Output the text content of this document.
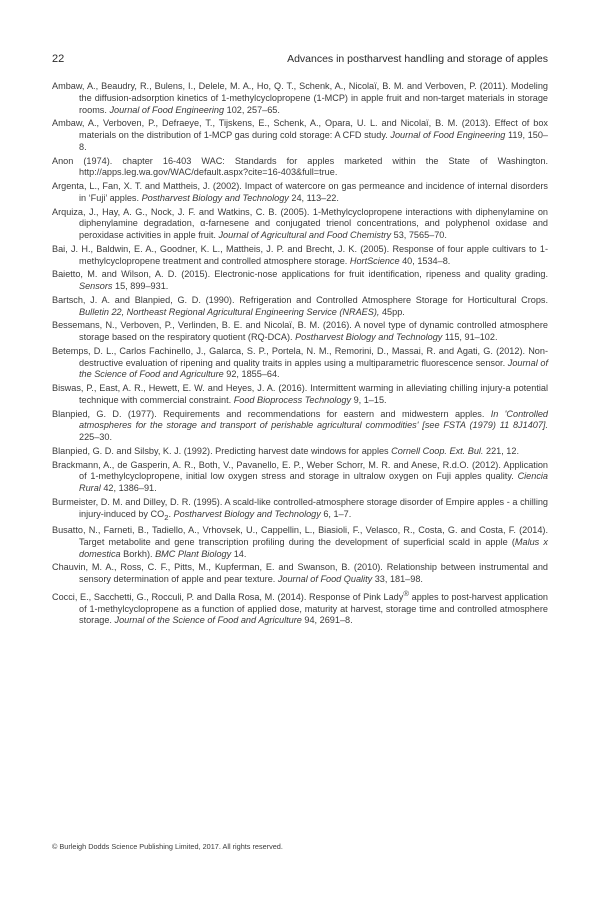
22	Advances in postharvest handling and storage of apples
Ambaw, A., Beaudry, R., Bulens, I., Delele, M. A., Ho, Q. T., Schenk, A., Nicolaï, B. M. and Verboven, P. (2011). Modeling the diffusion-adsorption kinetics of 1-methylcyclopropene (1-MCP) in apple fruit and non-target materials in storage rooms. Journal of Food Engineering 102, 257–65.
Ambaw, A., Verboven, P., Defraeye, T., Tijskens, E., Schenk, A., Opara, U. L. and Nicolaï, B. M. (2013). Effect of box materials on the distribution of 1-MCP gas during cold storage: A CFD study. Journal of Food Engineering 119, 150–8.
Anon (1974). chapter 16-403 WAC: Standards for apples marketed within the State of Washington. http://apps.leg.wa.gov/WAC/default.aspx?cite=16-403&full=true.
Argenta, L., Fan, X. T. and Mattheis, J. (2002). Impact of watercore on gas permeance and incidence of internal disorders in ‘Fuji’ apples. Postharvest Biology and Technology 24, 113–22.
Arquiza, J., Hay, A. G., Nock, J. F. and Watkins, C. B. (2005). 1-Methylcyclopropene interactions with diphenylamine on diphenylamine degradation, α-farnesene and conjugated trienol concentrations, and polyphenol oxidase and peroxidase activities in apple fruit. Journal of Agricultural and Food Chemistry 53, 7565–70.
Bai, J. H., Baldwin, E. A., Goodner, K. L., Mattheis, J. P. and Brecht, J. K. (2005). Response of four apple cultivars to 1-methylcyclopropene treatment and controlled atmosphere storage. HortScience 40, 1534–8.
Baietto, M. and Wilson, A. D. (2015). Electronic-nose applications for fruit identification, ripeness and quality grading. Sensors 15, 899–931.
Bartsch, J. A. and Blanpied, G. D. (1990). Refrigeration and Controlled Atmosphere Storage for Horticultural Crops. Bulletin 22, Northeast Regional Agricultural Engineering Service (NRAES), 45pp.
Bessemans, N., Verboven, P., Verlinden, B. E. and Nicolaï, B. M. (2016). A novel type of dynamic controlled atmosphere storage based on the respiratory quotient (RQ-DCA). Postharvest Biology and Technology 115, 91–102.
Betemps, D. L., Carlos Fachinello, J., Galarca, S. P., Portela, N. M., Remorini, D., Massai, R. and Agati, G. (2012). Non-destructive evaluation of ripening and quality traits in apples using a multiparametric fluorescence sensor. Journal of the Science of Food and Agriculture 92, 1855–64.
Biswas, P., East, A. R., Hewett, E. W. and Heyes, J. A. (2016). Intermittent warming in alleviating chilling injury-a potential technique with commercial constraint. Food Bioprocess Technology 9, 1–15.
Blanpied, G. D. (1977). Requirements and recommendations for eastern and midwestern apples. In 'Controlled atmospheres for the storage and transport of perishable agricultural commodities' [see FSTA (1979) 11 8J1407]. 225–30.
Blanpied, G. D. and Silsby, K. J. (1992). Predicting harvest date windows for apples Cornell Coop. Ext. Bul. 221, 12.
Brackmann, A., de Gasperin, A. R., Both, V., Pavanello, E. P., Weber Schorr, M. R. and Anese, R.d.O. (2012). Application of 1-methylcyclopropene, initial low oxygen stress and storage in ultralow oxygen on Fuji apples quality. Ciencia Rural 42, 1386–91.
Burmeister, D. M. and Dilley, D. R. (1995). A scald-like controlled-atmosphere storage disorder of Empire apples - a chilling injury-induced by $CO_2$. Postharvest Biology and Technology 6, 1–7.
Busatto, N., Farneti, B., Tadiello, A., Vrhovsek, U., Cappellin, L., Biasioli, F., Velasco, R., Costa, G. and Costa, F. (2014). Target metabolite and gene transcription profiling during the development of superficial scald in apple (Malus x domestica Borkh). BMC Plant Biology 14.
Chauvin, M. A., Ross, C. F., Pitts, M., Kupferman, E. and Swanson, B. (2010). Relationship between instrumental and sensory determination of apple and pear texture. Journal of Food Quality 33, 181–98.
Cocci, E., Sacchetti, G., Rocculi, P. and Dalla Rosa, M. (2014). Response of Pink Lady® apples to post-harvest application of 1-methylcyclopropene as a function of applied dose, maturity at harvest, storage time and controlled atmosphere storage. Journal of the Science of Food and Agriculture 94, 2691–8.
© Burleigh Dodds Science Publishing Limited, 2017. All rights reserved.
